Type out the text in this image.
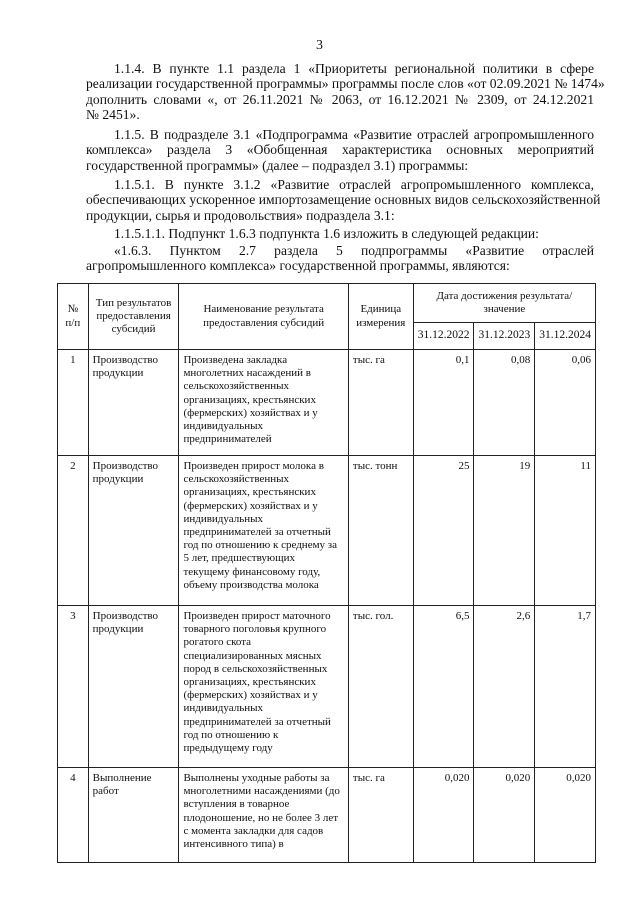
3
1.1.4. В пункте 1.1 раздела 1 «Приоритеты региональной политики в сфере
реализации государственной программы» программы после слов «от 02.09.2021 № 1474»
дополнить словами «, от 26.11.2021 № 2063, от 16.12.2021 № 2309, от 24.12.2021
№ 2451».
1.1.5. В подразделе 3.1 «Подпрограмма «Развитие отраслей агропромышленного
комплекса» раздела 3 «Обобщенная характеристика основных мероприятий
государственной программы» (далее – подраздел 3.1) программы:
1.1.5.1. В пункте 3.1.2 «Развитие отраслей агропромышленного комплекса,
обеспечивающих ускоренное импортозамещение основных видов сельскохозяйственной
продукции, сырья и продовольствия» подраздела 3.1:
1.1.5.1.1. Подпункт 1.6.3 подпункта 1.6 изложить в следующей редакции:
«1.6.3. Пунктом 2.7 раздела 5 подпрограммы «Развитие отраслей
агропромышленного комплекса» государственной программы, являются:
№ п/п	Тип результатов предоставления субсидий	Наименование результата предоставления субсидий	Единица измерения	Дата достижения результата/значение		
				31.12.2022	31.12.2023	31.12.2024
1	Производство продукции	Произведена закладка многолетних насаждений в сельскохозяйственных организациях, крестьянских (фермерских) хозяйствах и у индивидуальных предпринимателей	тыс. га	0,1	0,08	0,06
2	Производство продукции	Произведен прирост молока в сельскохозяйственных организациях, крестьянских (фермерских) хозяйствах и у индивидуальных предпринимателей за отчетный год по отношению к среднему за 5 лет, предшествующих текущему финансовому году, объему производства молока	тыс. тонн	25	19	11
3	Производство продукции	Произведен прирост маточного товарного поголовья крупного рогатого скота специализированных мясных пород в сельскохозяйственных организациях, крестьянских (фермерских) хозяйствах и у индивидуальных предпринимателей за отчетный год по отношению к предыдущему году	тыс. гол.	6,5	2,6	1,7
4	Выполнение работ	Выполнены уходные работы за многолетними насаждениями (до вступления в товарное плодоношение, но не более 3 лет с момента закладки для садов интенсивного типа) в	тыс. га	0,020	0,020	0,020
